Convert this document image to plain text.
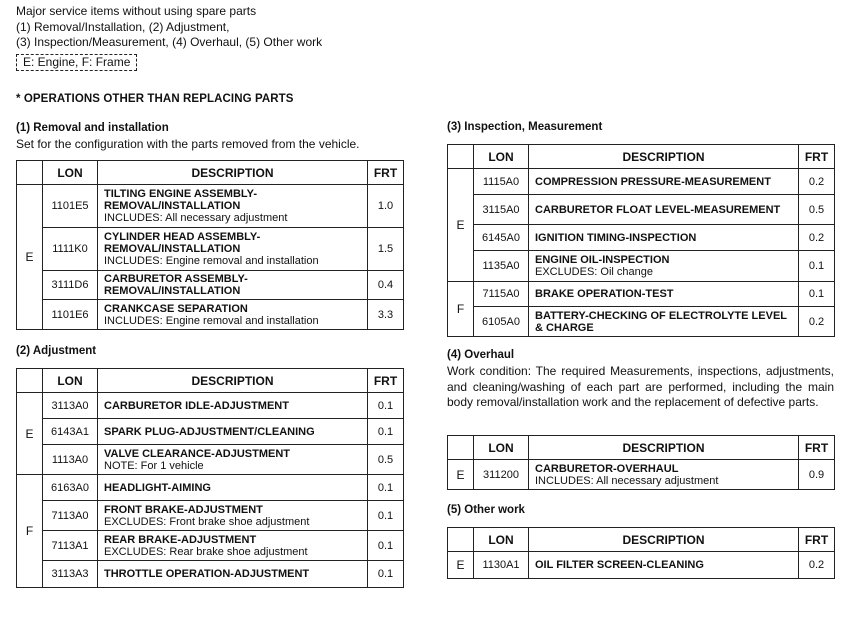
Major service items without using spare parts
(1) Removal/Installation, (2) Adjustment,
(3) Inspection/Measurement, (4) Overhaul, (5) Other work
E: Engine, F: Frame
* OPERATIONS OTHER THAN REPLACING PARTS
(1) Removal and installation
Set for the configuration with the parts removed from the vehicle.
	LON	DESCRIPTION	FRT
E	1101E5	TILTING ENGINE ASSEMBLY-REMOVAL/INSTALLATION
INCLUDES: All necessary adjustment	1.0
	1111K0	CYLINDER HEAD ASSEMBLY-REMOVAL/INSTALLATION
INCLUDES: Engine removal and installation	1.5
	3111D6	CARBURETOR ASSEMBLY-REMOVAL/INSTALLATION	0.4
	1101E6	CRANKCASE SEPARATION
INCLUDES: Engine removal and installation	3.3
(2) Adjustment
	LON	DESCRIPTION	FRT
E	3113A0	CARBURETOR IDLE-ADJUSTMENT	0.1
	6143A1	SPARK PLUG-ADJUSTMENT/CLEANING	0.1
	1113A0	VALVE CLEARANCE-ADJUSTMENT
NOTE: For 1 vehicle	0.5
F	6163A0	HEADLIGHT-AIMING	0.1
	7113A0	FRONT BRAKE-ADJUSTMENT
EXCLUDES: Front brake shoe adjustment	0.1
	7113A1	REAR BRAKE-ADJUSTMENT
EXCLUDES: Rear brake shoe adjustment	0.1
	3113A3	THROTTLE OPERATION-ADJUSTMENT	0.1
(3) Inspection, Measurement
	LON	DESCRIPTION	FRT
E	1115A0	COMPRESSION PRESSURE-MEASUREMENT	0.2
	3115A0	CARBURETOR FLOAT LEVEL-MEASUREMENT	0.5
	6145A0	IGNITION TIMING-INSPECTION	0.2
	1135A0	ENGINE OIL-INSPECTION
EXCLUDES: Oil change	0.1
F	7115A0	BRAKE OPERATION-TEST	0.1
	6105A0	BATTERY-CHECKING OF ELECTROLYTE LEVEL & CHARGE	0.2
(4) Overhaul
Work condition: The required Measurements, inspections, adjustments, and cleaning/washing of each part are performed, including the main body removal/installation work and the replacement of defective parts.
	LON	DESCRIPTION	FRT
E	311200	CARBURETOR-OVERHAUL
INCLUDES: All necessary adjustment	0.9
(5) Other work
	LON	DESCRIPTION	FRT
E	1130A1	OIL FILTER SCREEN-CLEANING	0.2
